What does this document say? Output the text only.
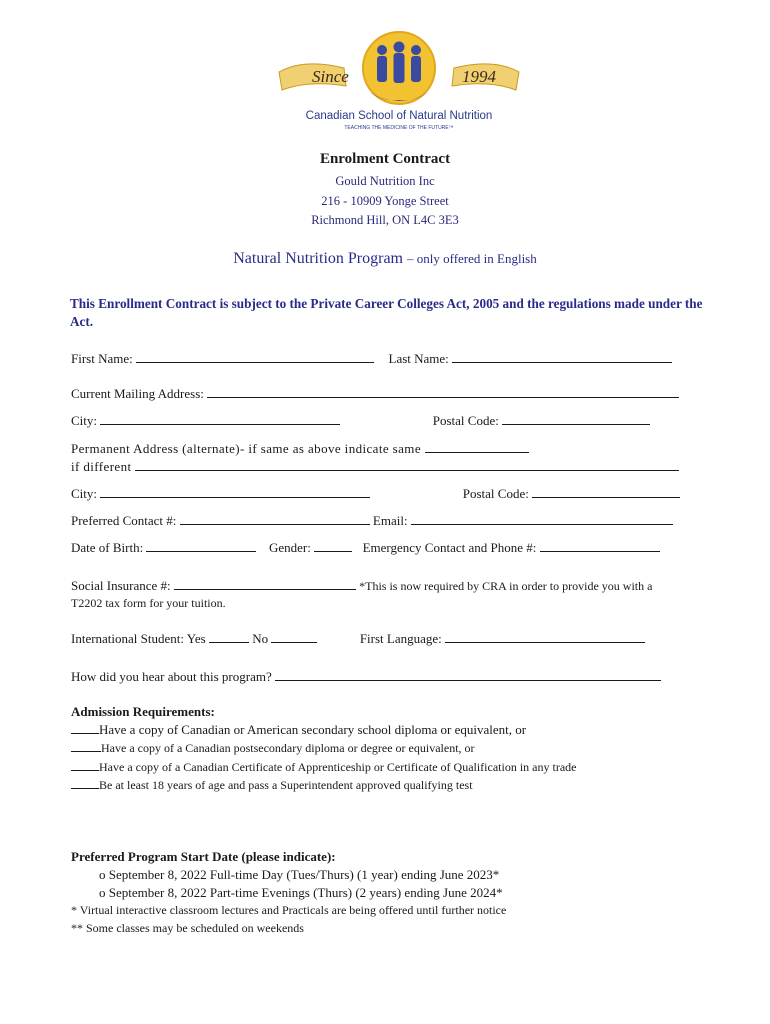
Since	1994
Canadian School of Natural Nutrition
TEACHING THE MEDICINE OF THE FUTURE™
Enrolment Contract
Gould Nutrition Inc
216 - 10909 Yonge Street
Richmond Hill, ON L4C 3E3
Natural Nutrition Program – only offered in English
This Enrollment Contract is subject to the Private Career Colleges Act, 2005 and the regulations made under the Act.
First Name:	Last Name:
Current Mailing Address:
City:	Postal Code:
Permanent Address (alternate)- if same as above indicate same
if different
City:	Postal Code:
Preferred Contact #:	Email:
Date of Birth:	Gender:	Emergency Contact and Phone #:
Social Insurance #:	*This is now required by CRA in order to provide you with a
T2202 tax form for your tuition.
International Student: Yes	No	First Language:
How did you hear about this program?
Admission Requirements:
Have a copy of Canadian or American secondary school diploma or equivalent, or
Have a copy of a Canadian postsecondary diploma or degree or equivalent, or
Have a copy of a Canadian Certificate of Apprenticeship or Certificate of Qualification in any trade
Be at least 18 years of age and pass a Superintendent approved qualifying test
Preferred Program Start Date (please indicate):
o September 8, 2022 Full-time Day (Tues/Thurs) (1 year) ending June 2023*
o September 8, 2022 Part-time Evenings (Thurs) (2 years) ending June 2024*
* Virtual interactive classroom lectures and Practicals are being offered until further notice
** Some classes may be scheduled on weekends
